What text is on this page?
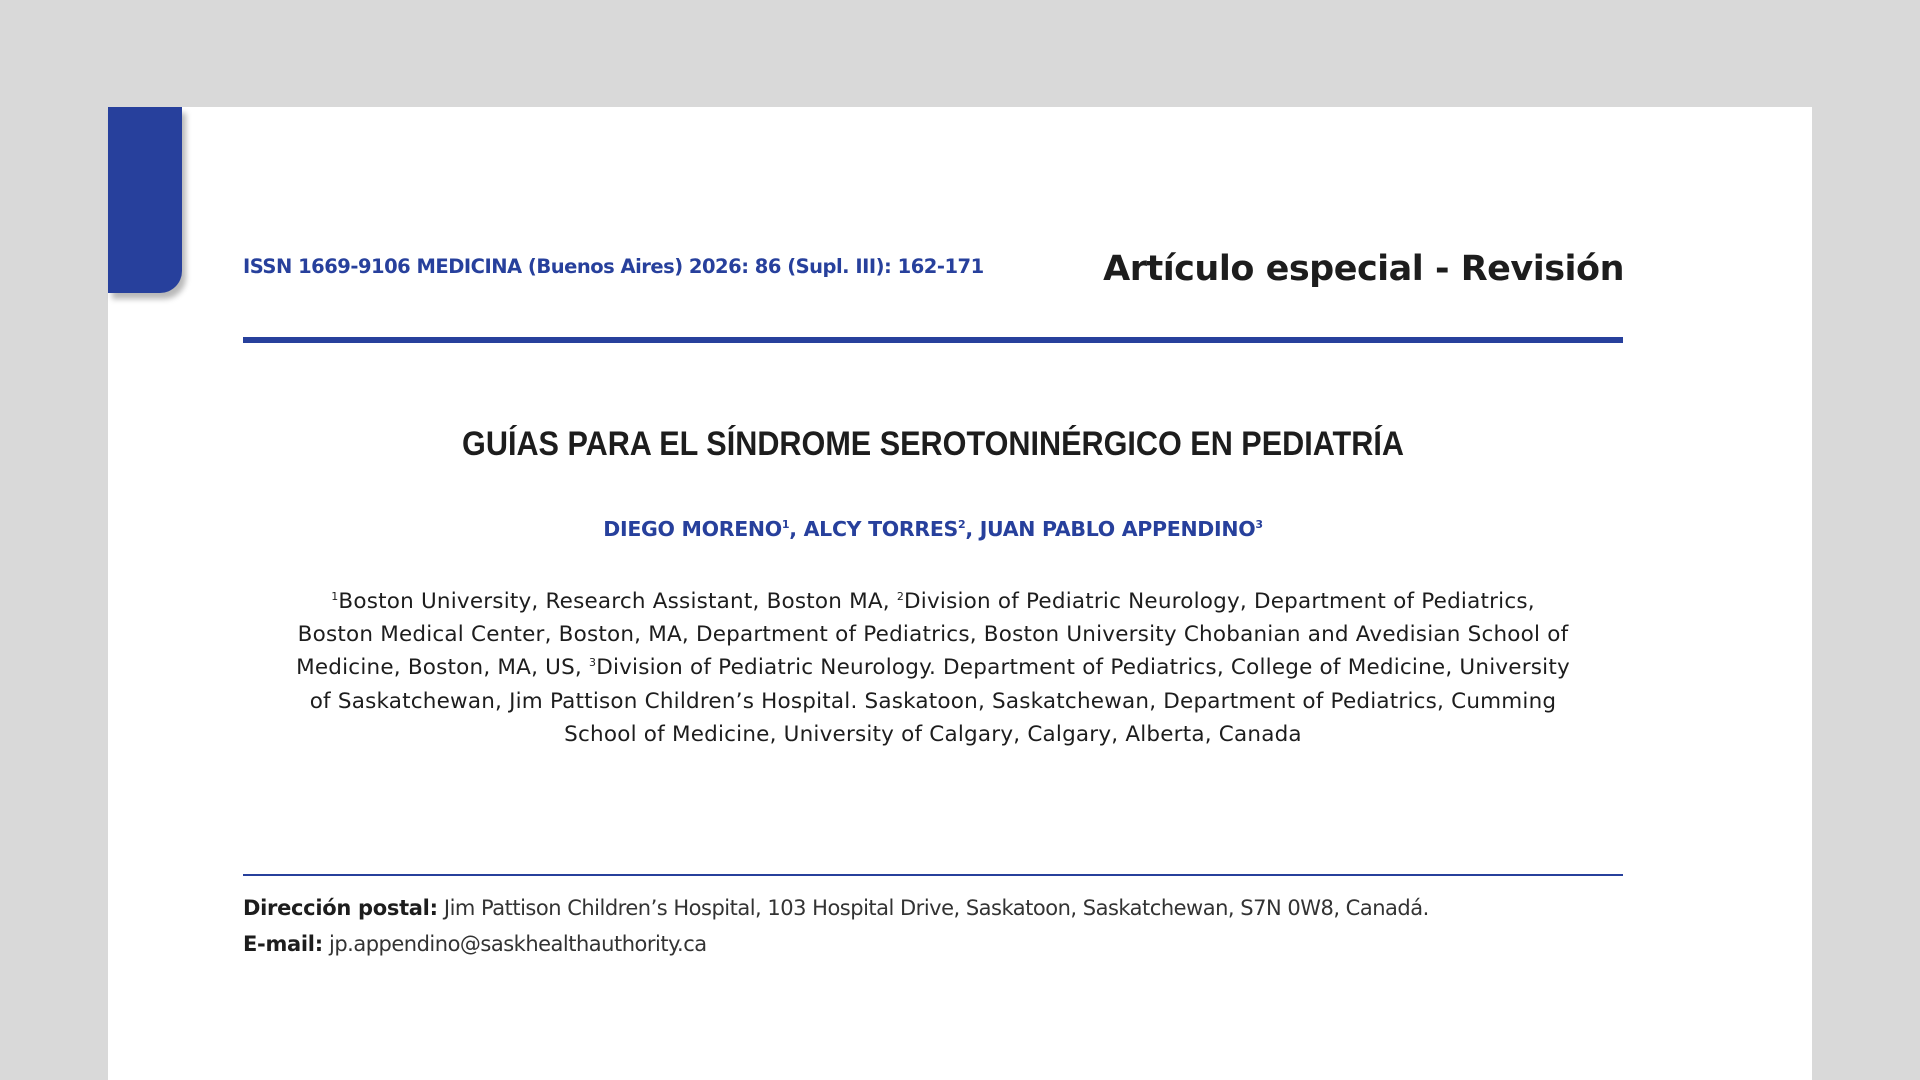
ISSN 1669-9106 MEDICINA (Buenos Aires) 2026: 86 (Supl. III): 162-171	Artículo especial - Revisión
GUÍAS PARA EL SÍNDROME SEROTONINÉRGICO EN PEDIATRÍA
DIEGO MORENO$^1$, ALCY TORRES$^2$, JUAN PABLO APPENDINO$^3$
$^1$Boston University, Research Assistant, Boston MA, $^2$Division of Pediatric Neurology, Department of Pediatrics,
Boston Medical Center, Boston, MA, Department of Pediatrics, Boston University Chobanian and Avedisian School of
Medicine, Boston, MA, US, $^3$Division of Pediatric Neurology. Department of Pediatrics, College of Medicine, University
of Saskatchewan, Jim Pattison Children’s Hospital. Saskatoon, Saskatchewan, Department of Pediatrics, Cumming
School of Medicine, University of Calgary, Calgary, Alberta, Canada
Dirección postal: Jim Pattison Children’s Hospital, 103 Hospital Drive, Saskatoon, Saskatchewan, S7N 0W8, Canadá.
E-mail: jp.appendino@saskhealthauthority.ca
